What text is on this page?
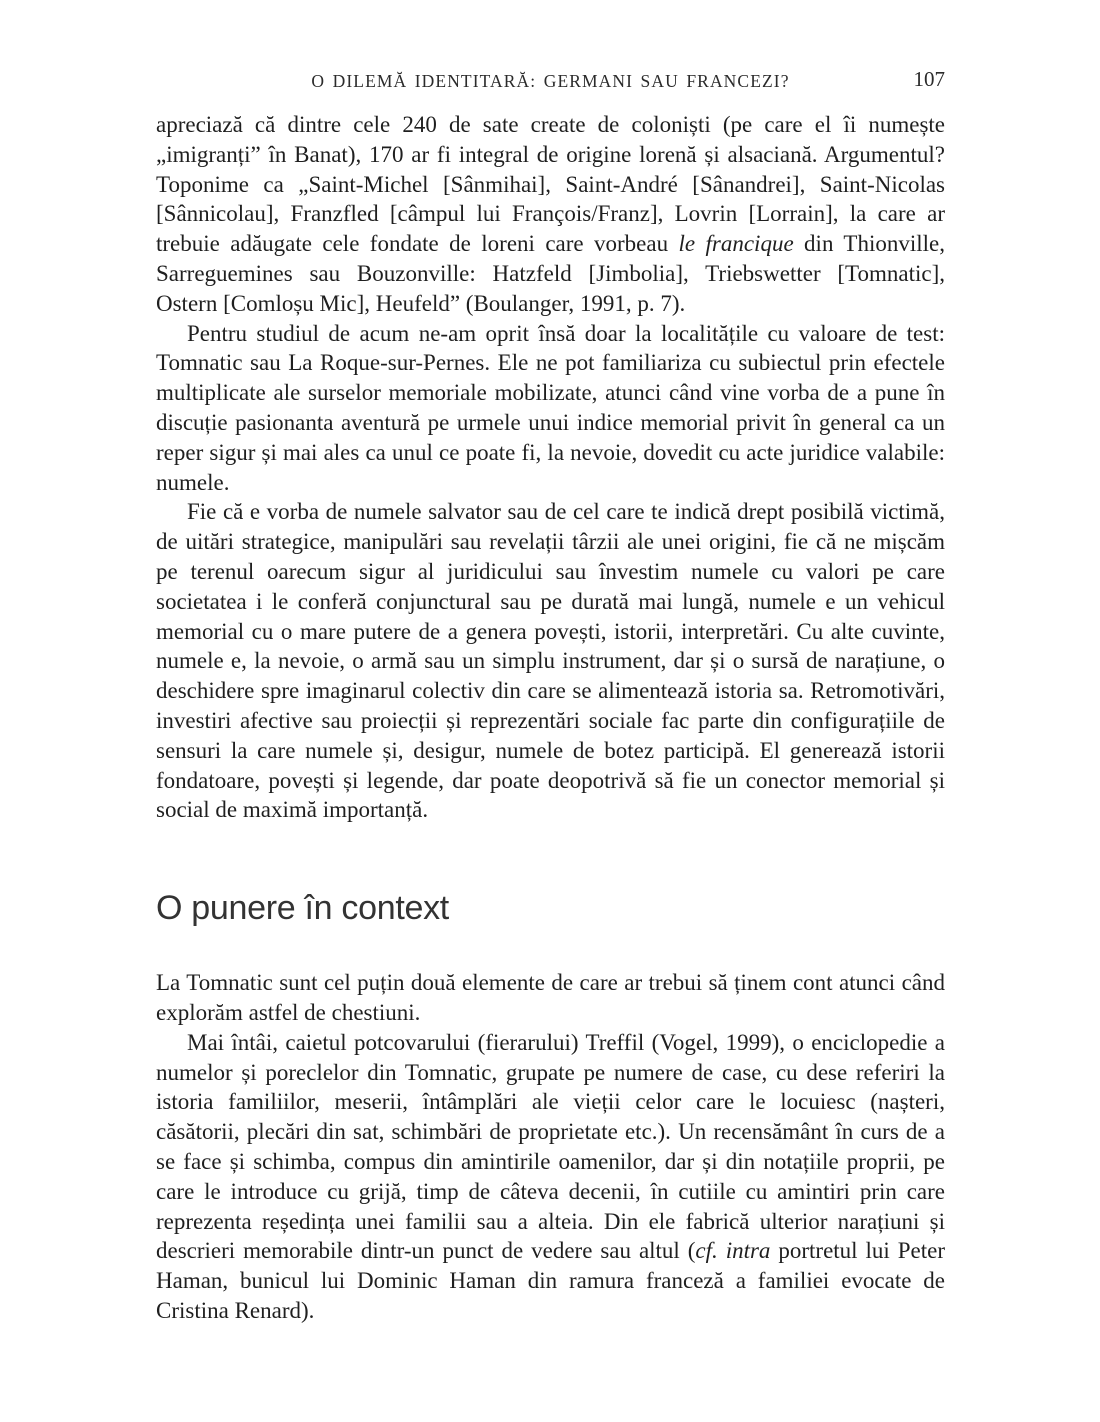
O DILEMĂ IDENTITARĂ: GERMANI SAU FRANCEZI?	107

apreciază că dintre cele 240 de sate create de coloniști (pe care el îi numește „imigranți” în Banat), 170 ar fi integral de origine lorenă și alsaciană. Argumentul? Toponime ca „Saint-Michel [Sânmihai], Saint-André [Sânandrei], Saint-Nicolas [Sânnicolau], Franzfled [câmpul lui François/Franz], Lovrin [Lorrain], la care ar trebuie adăugate cele fondate de loreni care vorbeau le francique din Thionville, Sarreguemines sau Bouzonville: Hatzfeld [Jimbolia], Triebswetter [Tomnatic], Ostern [Comloșu Mic], Heufeld” (Boulanger, 1991, p. 7).

Pentru studiul de acum ne-am oprit însă doar la localitățile cu valoare de test: Tomnatic sau La Roque-sur-Pernes. Ele ne pot familiariza cu subiectul prin efectele multiplicate ale surselor memoriale mobilizate, atunci când vine vorba de a pune în discuție pasionanta aventură pe urmele unui indice memorial privit în general ca un reper sigur și mai ales ca unul ce poate fi, la nevoie, dovedit cu acte juridice valabile: numele.

Fie că e vorba de numele salvator sau de cel care te indică drept posibilă victimă, de uitări strategice, manipulări sau revelații târzii ale unei origini, fie că ne mișcăm pe terenul oarecum sigur al juridicului sau învestim numele cu valori pe care societatea i le conferă conjunctural sau pe durată mai lungă, numele e un vehicul memorial cu o mare putere de a genera povești, istorii, interpretări. Cu alte cuvinte, numele e, la nevoie, o armă sau un simplu instrument, dar și o sursă de narațiune, o deschidere spre imaginarul colectiv din care se alimentează istoria sa. Retromotivări, investiri afective sau proiecții și reprezentări sociale fac parte din configurațiile de sensuri la care numele și, desigur, numele de botez participă. El generează istorii fondatoare, povești și legende, dar poate deopotrivă să fie un conector memorial și social de maximă importanță.

O punere în context

La Tomnatic sunt cel puțin două elemente de care ar trebui să ținem cont atunci când explorăm astfel de chestiuni.

Mai întâi, caietul potcovarului (fierarului) Treffil (Vogel, 1999), o enciclopedie a numelor și poreclelor din Tomnatic, grupate pe numere de case, cu dese referiri la istoria familiilor, meserii, întâmplări ale vieții celor care le locuiesc (nașteri, căsătorii, plecări din sat, schimbări de proprietate etc.). Un recensământ în curs de a se face și schimba, compus din amintirile oamenilor, dar și din notațiile proprii, pe care le introduce cu grijă, timp de câteva decenii, în cutiile cu amintiri prin care reprezenta reședința unei familii sau a alteia. Din ele fabrică ulterior narațiuni și descrieri memorabile dintr-un punct de vedere sau altul (cf. intra portretul lui Peter Haman, bunicul lui Dominic Haman din ramura franceză a familiei evocate de Cristina Renard).
